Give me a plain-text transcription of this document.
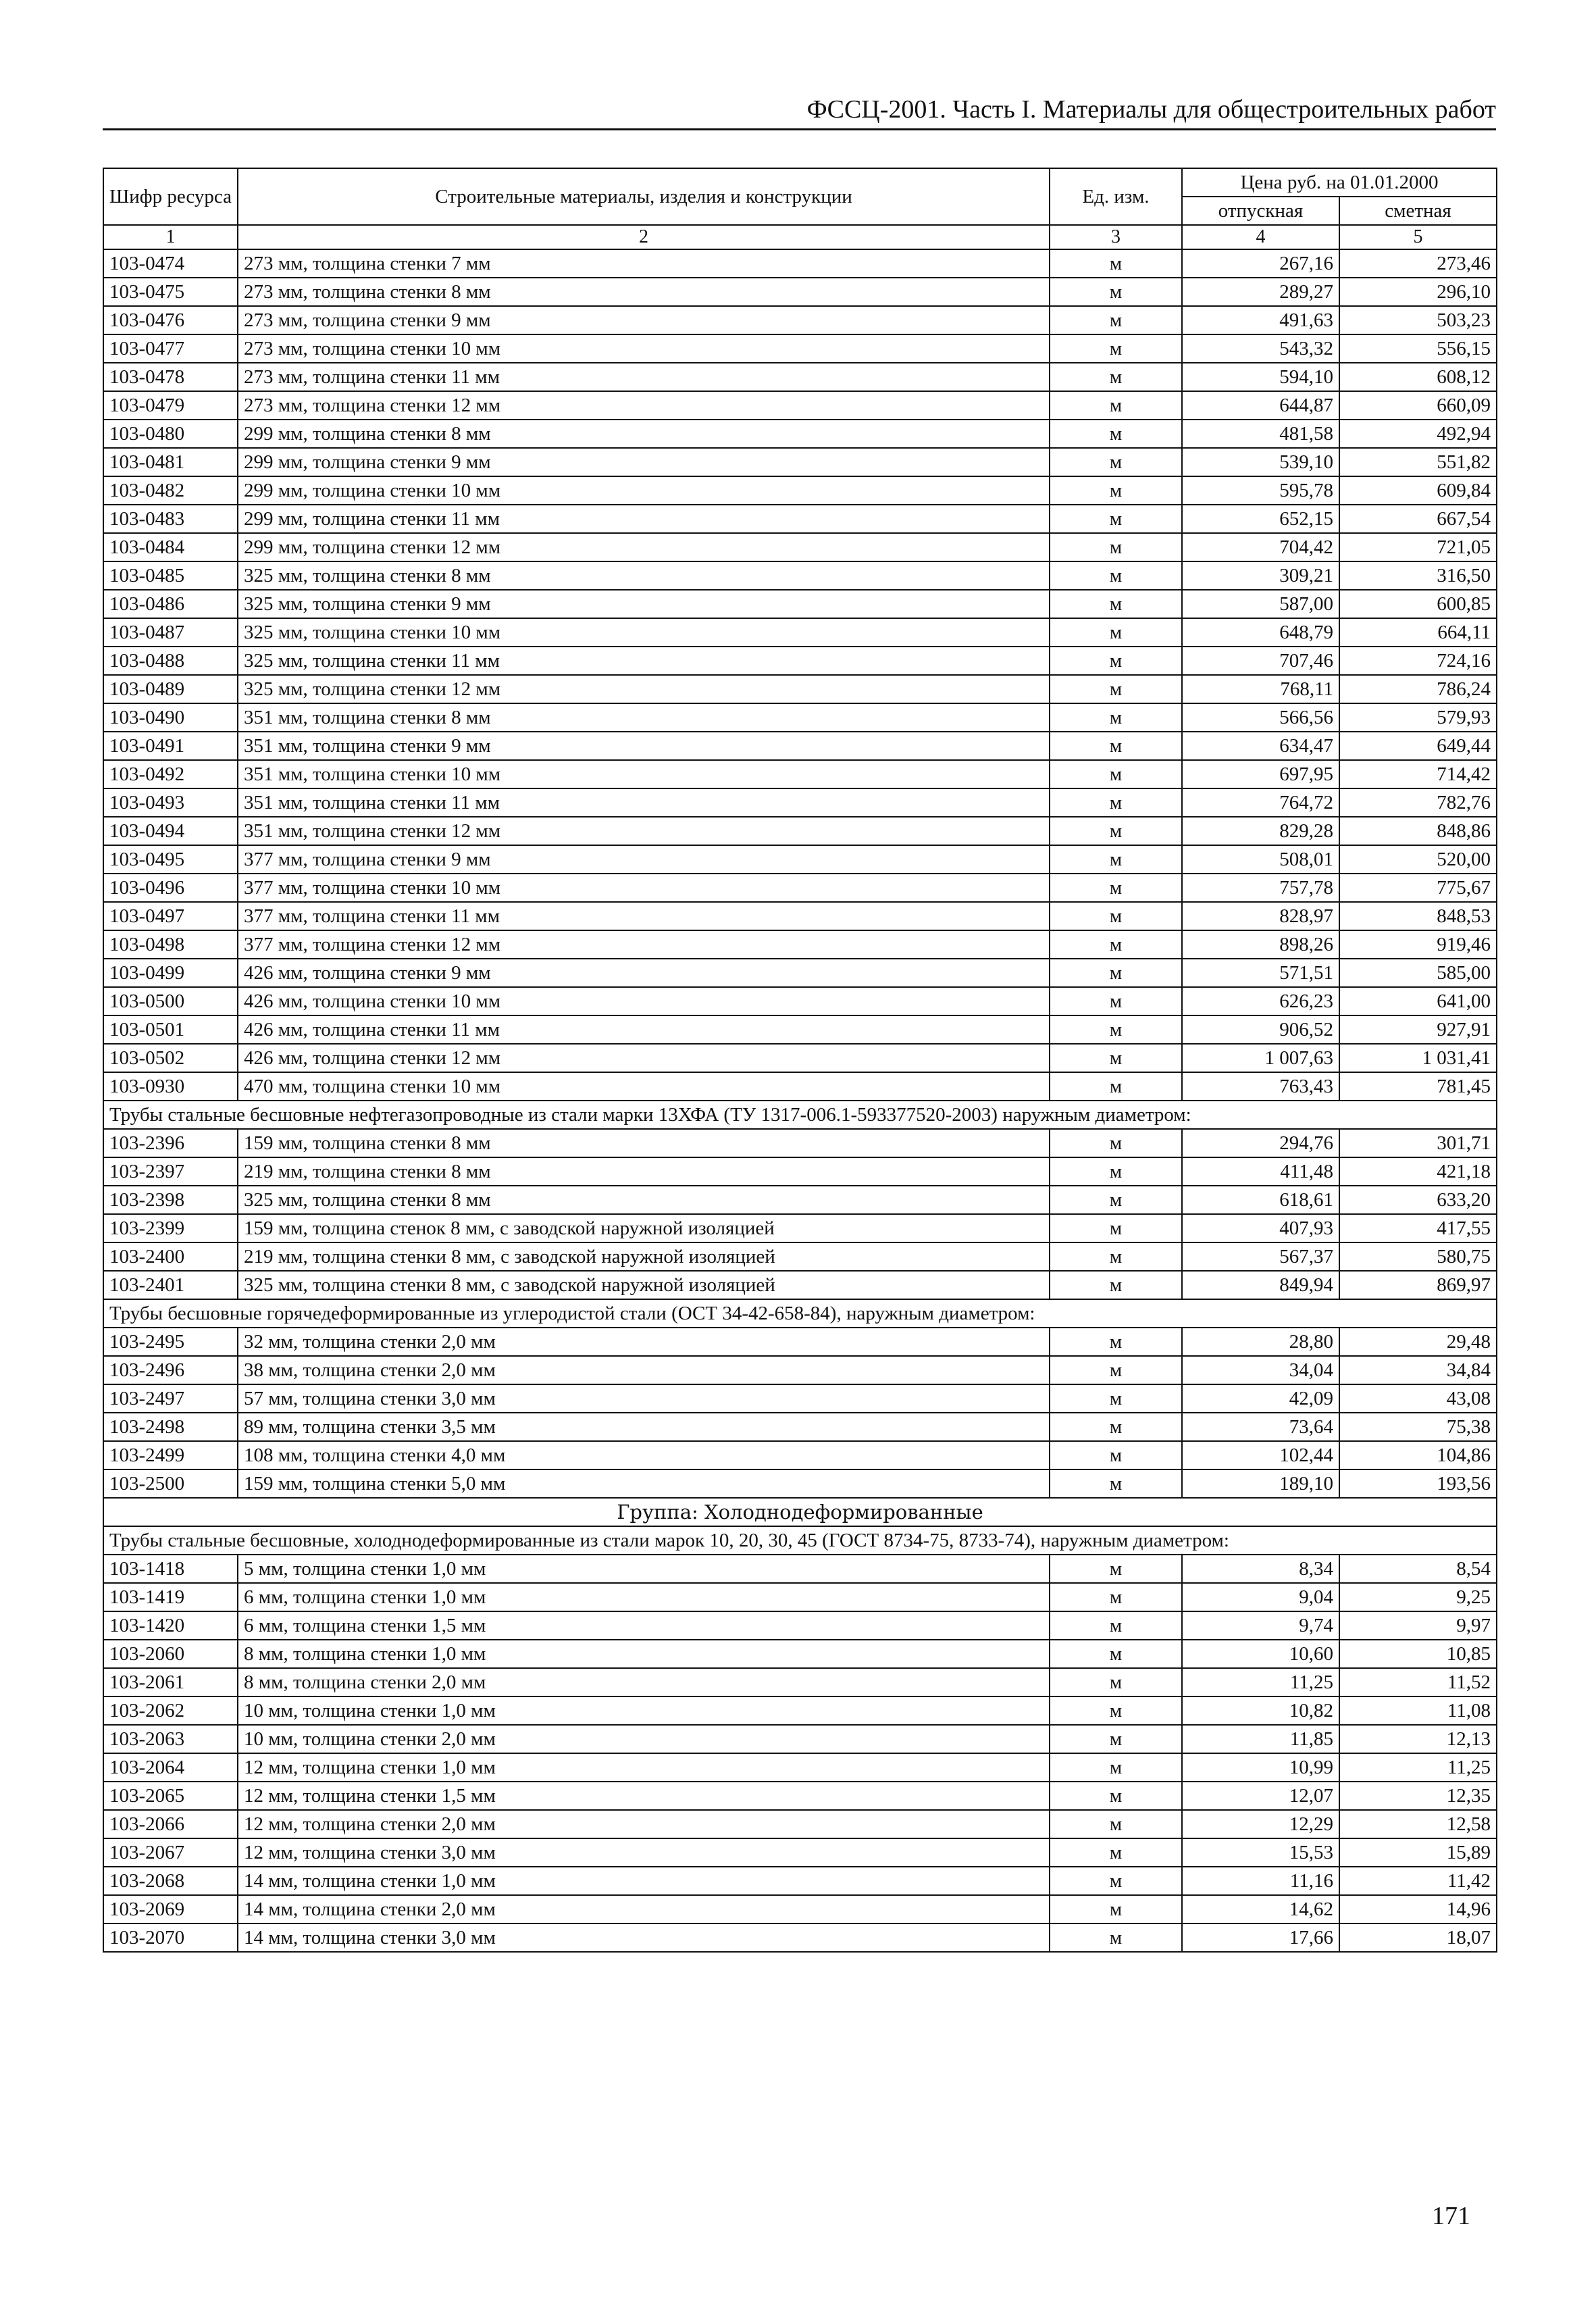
ФССЦ-2001. Часть I. Материалы для общестроительных работ
Шифр ресурса	Строительные материалы, изделия и конструкции	Ед. изм.	Цена руб. на 01.01.2000	
			отпускная	сметная
1	2	3	4	5
103-0474	273 мм, толщина стенки 7 мм	м	267,16	273,46
103-0475	273 мм, толщина стенки 8 мм	м	289,27	296,10
103-0476	273 мм, толщина стенки 9 мм	м	491,63	503,23
103-0477	273 мм, толщина стенки 10 мм	м	543,32	556,15
103-0478	273 мм, толщина стенки 11 мм	м	594,10	608,12
103-0479	273 мм, толщина стенки 12 мм	м	644,87	660,09
103-0480	299 мм, толщина стенки 8 мм	м	481,58	492,94
103-0481	299 мм, толщина стенки 9 мм	м	539,10	551,82
103-0482	299 мм, толщина стенки 10 мм	м	595,78	609,84
103-0483	299 мм, толщина стенки 11 мм	м	652,15	667,54
103-0484	299 мм, толщина стенки 12 мм	м	704,42	721,05
103-0485	325 мм, толщина стенки 8 мм	м	309,21	316,50
103-0486	325 мм, толщина стенки 9 мм	м	587,00	600,85
103-0487	325 мм, толщина стенки 10 мм	м	648,79	664,11
103-0488	325 мм, толщина стенки 11 мм	м	707,46	724,16
103-0489	325 мм, толщина стенки 12 мм	м	768,11	786,24
103-0490	351 мм, толщина стенки 8 мм	м	566,56	579,93
103-0491	351 мм, толщина стенки 9 мм	м	634,47	649,44
103-0492	351 мм, толщина стенки 10 мм	м	697,95	714,42
103-0493	351 мм, толщина стенки 11 мм	м	764,72	782,76
103-0494	351 мм, толщина стенки 12 мм	м	829,28	848,86
103-0495	377 мм, толщина стенки 9 мм	м	508,01	520,00
103-0496	377 мм, толщина стенки 10 мм	м	757,78	775,67
103-0497	377 мм, толщина стенки 11 мм	м	828,97	848,53
103-0498	377 мм, толщина стенки 12 мм	м	898,26	919,46
103-0499	426 мм, толщина стенки 9 мм	м	571,51	585,00
103-0500	426 мм, толщина стенки 10 мм	м	626,23	641,00
103-0501	426 мм, толщина стенки 11 мм	м	906,52	927,91
103-0502	426 мм, толщина стенки 12 мм	м	1 007,63	1 031,41
103-0930	470 мм, толщина стенки 10 мм	м	763,43	781,45
Трубы стальные бесшовные нефтегазопроводные из стали марки 13ХФА (ТУ 1317-006.1-593377520-2003) наружным диаметром:				
103-2396	159 мм, толщина стенки 8 мм	м	294,76	301,71
103-2397	219 мм, толщина стенки 8 мм	м	411,48	421,18
103-2398	325 мм, толщина стенки 8 мм	м	618,61	633,20
103-2399	159 мм, толщина стенок 8 мм, с заводской наружной изоляцией	м	407,93	417,55
103-2400	219 мм, толщина стенки 8 мм, с заводской наружной изоляцией	м	567,37	580,75
103-2401	325 мм, толщина стенки 8 мм, с заводской наружной изоляцией	м	849,94	869,97
Трубы бесшовные горячедеформированные из углеродистой стали (ОСТ 34-42-658-84), наружным диаметром:				
103-2495	32 мм, толщина стенки 2,0 мм	м	28,80	29,48
103-2496	38 мм, толщина стенки 2,0 мм	м	34,04	34,84
103-2497	57 мм, толщина стенки 3,0 мм	м	42,09	43,08
103-2498	89 мм, толщина стенки 3,5 мм	м	73,64	75,38
103-2499	108 мм, толщина стенки 4,0 мм	м	102,44	104,86
103-2500	159 мм, толщина стенки 5,0 мм	м	189,10	193,56
Группа: Холоднодеформированные				
Трубы стальные бесшовные, холоднодеформированные из стали марок 10, 20, 30, 45 (ГОСТ 8734-75, 8733-74), наружным диаметром:				
103-1418	5 мм, толщина стенки 1,0 мм	м	8,34	8,54
103-1419	6 мм, толщина стенки 1,0 мм	м	9,04	9,25
103-1420	6 мм, толщина стенки 1,5 мм	м	9,74	9,97
103-2060	8 мм, толщина стенки 1,0 мм	м	10,60	10,85
103-2061	8 мм, толщина стенки 2,0 мм	м	11,25	11,52
103-2062	10 мм, толщина стенки 1,0 мм	м	10,82	11,08
103-2063	10 мм, толщина стенки 2,0 мм	м	11,85	12,13
103-2064	12 мм, толщина стенки 1,0 мм	м	10,99	11,25
103-2065	12 мм, толщина стенки 1,5 мм	м	12,07	12,35
103-2066	12 мм, толщина стенки 2,0 мм	м	12,29	12,58
103-2067	12 мм, толщина стенки 3,0 мм	м	15,53	15,89
103-2068	14 мм, толщина стенки 1,0 мм	м	11,16	11,42
103-2069	14 мм, толщина стенки 2,0 мм	м	14,62	14,96
103-2070	14 мм, толщина стенки 3,0 мм	м	17,66	18,07
171
